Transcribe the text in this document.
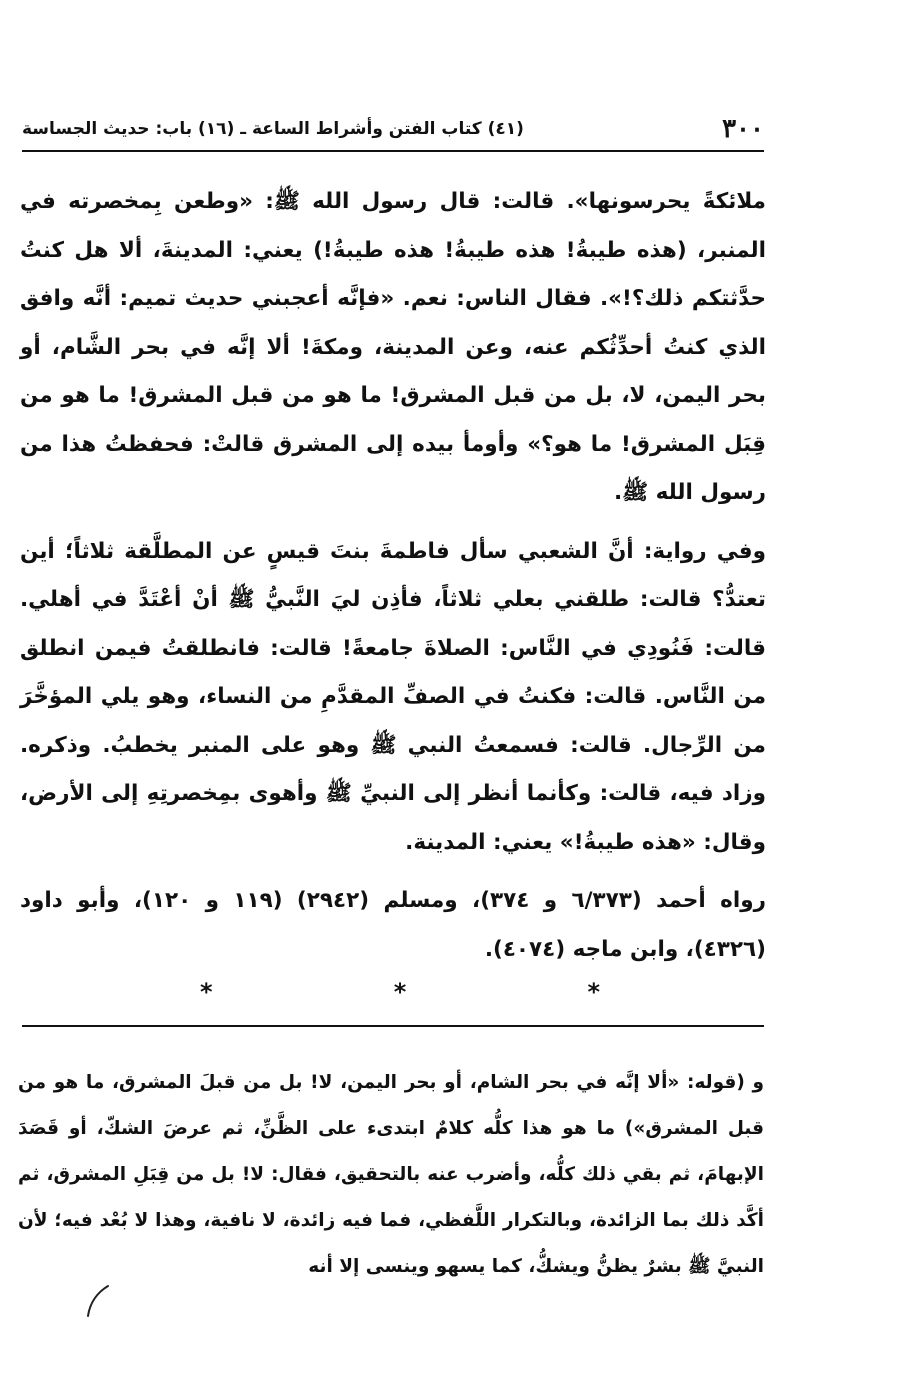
٣٠٠
(٤١) كتاب الفتن وأشراط الساعة ـ (١٦) باب: حديث الجساسة

ملائكةً يحرسونها». قالت: قال رسول الله ﷺ: «وطعن بِمخصرته في المنبر، (هذه طيبةُ! هذه طيبةُ! هذه طيبةُ!) يعني: المدينةَ، ألا هل كنتُ حدَّثتكم ذلك؟!». فقال الناس: نعم. «فإنَّه أعجبني حديث تميم: أنَّه وافق الذي كنتُ أحدِّثُكم عنه، وعن المدينة، ومكةَ! ألا إنَّه في بحر الشَّام، أو بحر اليمن، لا، بل من قبل المشرق! ما هو من قبل المشرق! ما هو من قِبَل المشرق! ما هو؟» وأومأ بيده إلى المشرق قالتْ: فحفظتُ هذا من رسول الله ﷺ.

وفي رواية: أنَّ الشعبي سأل فاطمةَ بنتَ قيسٍ عن المطلَّقة ثلاثاً؛ أين تعتدُّ؟ قالت: طلقني بعلي ثلاثاً، فأذِن ليَ النَّبيُّ ﷺ أنْ أعْتَدَّ في أهلي. قالت: فَنُودِي في النَّاس: الصلاةَ جامعةً! قالت: فانطلقتُ فيمن انطلق من النَّاس. قالت: فكنتُ في الصفِّ المقدَّمِ من النساء، وهو يلي المؤخَّرَ من الرِّجال. قالت: فسمعتُ النبي ﷺ وهو على المنبر يخطبُ. وذكره. وزاد فيه، قالت: وكأنما أنظر إلى النبيِّ ﷺ وأهوى بمِخصرتِهِ إلى الأرض، وقال: «هذه طيبةُ!» يعني: المدينة.

رواه أحمد (٦/٣٧٣ و ٣٧٤)، ومسلم (٢٩٤٢) (١١٩ و ١٢٠)، وأبو داود (٤٣٢٦)، وابن ماجه (٤٠٧٤).

*
*
*

و (قوله: «ألا إنَّه في بحر الشام، أو بحر اليمن، لا! بل من قبلَ المشرق، ما هو من قبل المشرق») ما هو هذا كلُّه كلامٌ ابتدىء على الظَّنِّ، ثم عرضَ الشكّ، أو قَصَدَ الإبهامَ، ثم بقي ذلك كلُّه، وأضرب عنه بالتحقيق، فقال: لا! بل من قِبَلِ المشرق، ثم أكَّد ذلك بما الزائدة، وبالتكرار اللَّفظي، فما فيه زائدة، لا نافية، وهذا لا بُعْد فيه؛ لأن النبيَّ ﷺ بشرٌ يظنُّ ويشكُّ، كما يسهو وينسى إلا أنه
